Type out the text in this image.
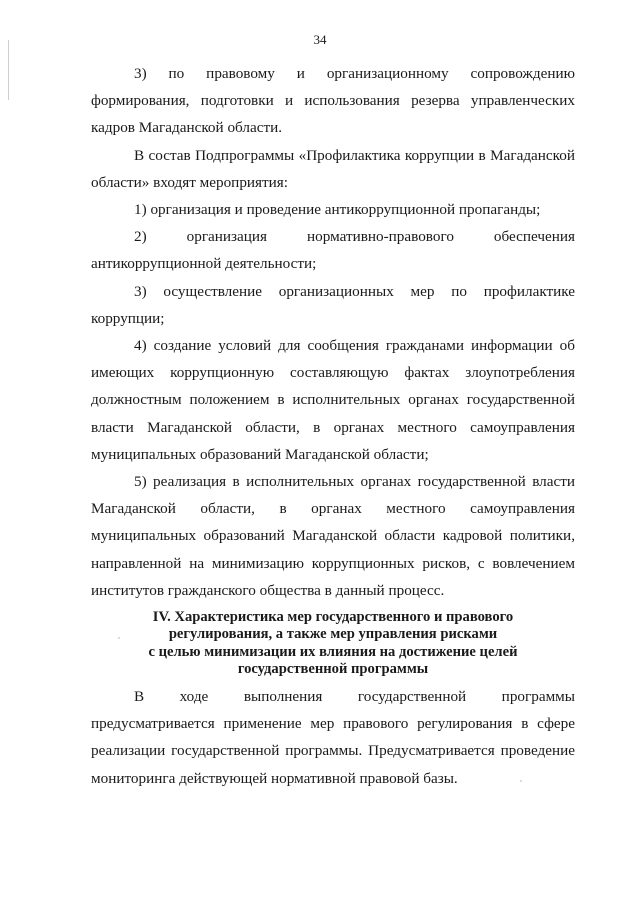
34

3) по правовому и организационному сопровождению формирования, подготовки и использования резерва управленческих кадров Магаданской области.

В состав Подпрограммы «Профилактика коррупции в Магаданской области» входят мероприятия:

1) организация и проведение антикоррупционной пропаганды;

2) организация нормативно-правового обеспечения антикоррупционной деятельности;

3) осуществление организационных мер по профилактике коррупции;

4) создание условий для сообщения гражданами информации об имеющих коррупционную составляющую фактах злоупотребления должностным положением в исполнительных органах государственной власти Магаданской области, в органах местного самоуправления муниципальных образований Магаданской области;

5) реализация в исполнительных органах государственной власти Магаданской области, в органах местного самоуправления муниципальных образований Магаданской области кадровой политики, направленной на минимизацию коррупционных рисков, с вовлечением институтов гражданского общества в данный процесс.

IV. Характеристика мер государственного и правового
регулирования, а также мер управления рисками
с целью минимизации их влияния на достижение целей
государственной программы

В ходе выполнения государственной программы предусматривается применение мер правового регулирования в сфере реализации государственной программы. Предусматривается проведение мониторинга действующей нормативной правовой базы.
